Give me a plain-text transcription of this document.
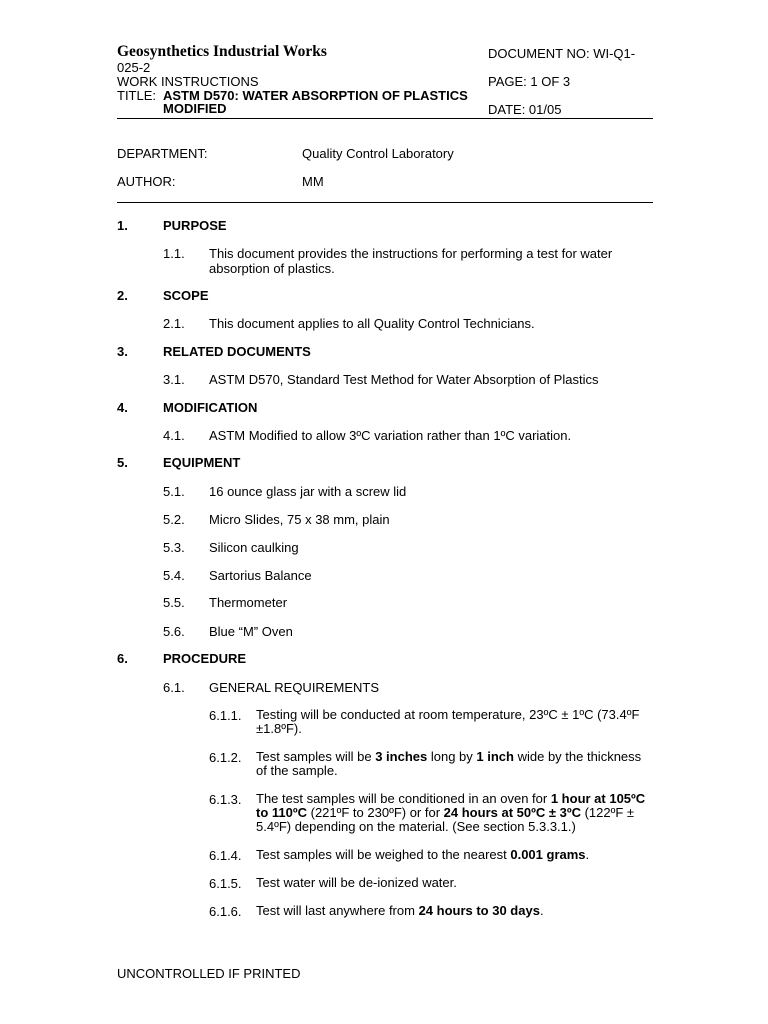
Geosynthetics Industrial Works	DOCUMENT NO: WI-Q1-
025-2
WORK INSTRUCTIONS	PAGE: 1 OF 3
TITLE: ASTM D570: WATER ABSORPTION OF PLASTICS
MODIFIED	DATE: 01/05
DEPARTMENT:	Quality Control Laboratory
AUTHOR:	MM
1.	PURPOSE
1.1. This document provides the instructions for performing a test for water absorption of plastics.
2.	SCOPE
2.1. This document applies to all Quality Control Technicians.
3.	RELATED DOCUMENTS
3.1. ASTM D570, Standard Test Method for Water Absorption of Plastics
4.	MODIFICATION
4.1. ASTM Modified to allow 3ºC variation rather than 1ºC variation.
5.	EQUIPMENT
5.1. 16 ounce glass jar with a screw lid
5.2. Micro Slides, 75 x 38 mm, plain
5.3. Silicon caulking
5.4. Sartorius Balance
5.5. Thermometer
5.6. Blue “M” Oven
6.	PROCEDURE
6.1. GENERAL REQUIREMENTS
6.1.1. Testing will be conducted at room temperature, 23ºC ± 1ºC (73.4ºF ±1.8ºF).
6.1.2. Test samples will be 3 inches long by 1 inch wide by the thickness of the sample.
6.1.3. The test samples will be conditioned in an oven for 1 hour at 105ºC to 110ºC (221ºF to 230ºF) or for 24 hours at 50ºC ± 3ºC (122ºF ± 5.4ºF) depending on the material. (See section 5.3.3.1.)
6.1.4. Test samples will be weighed to the nearest 0.001 grams.
6.1.5. Test water will be de-ionized water.
6.1.6. Test will last anywhere from 24 hours to 30 days.
UNCONTROLLED IF PRINTED
